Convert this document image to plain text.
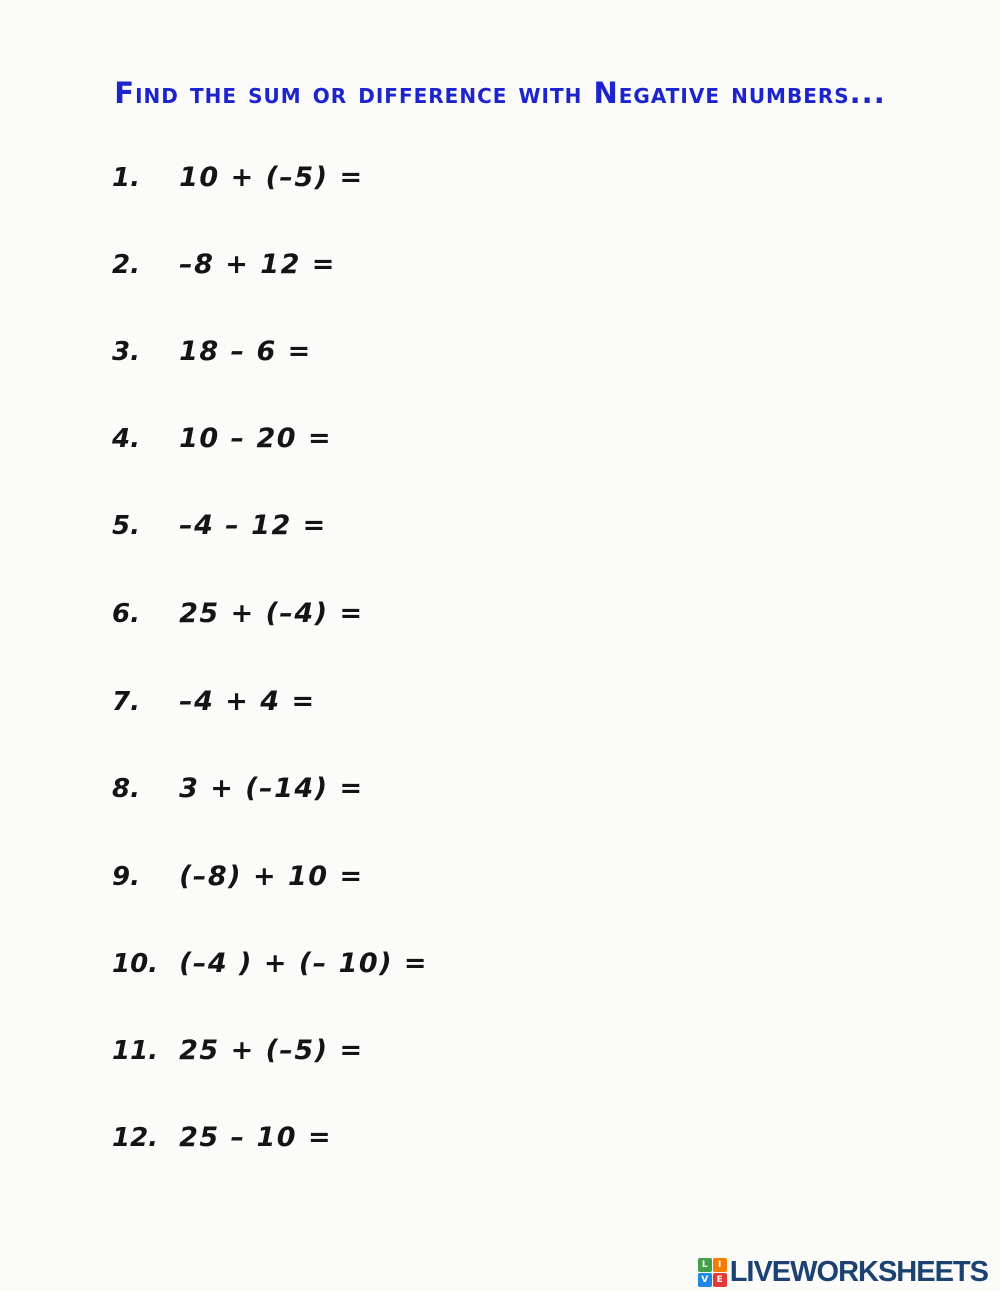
Find the sum or difference with Negative numbers...
1. 10 + (–5) =
2. –8 + 12 =
3. 18 – 6 =
4. 10 – 20 =
5. –4 – 12 =
6. 25 + (–4) =
7. –4 + 4 =
8. 3 + (–14) =
9. (–8) + 10 =
10. (–4 ) + (– 10) =
11. 25 + (–5) =
12. 25 – 10 =
L	I
V E LIVEWORKSHEETS
